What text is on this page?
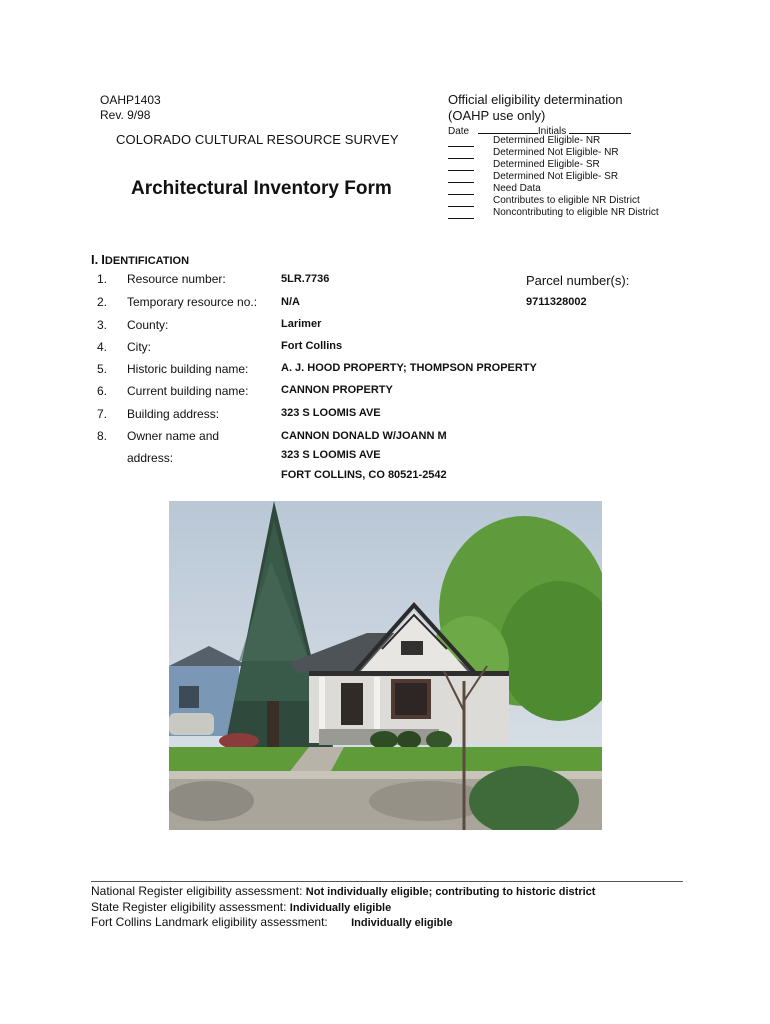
OAHP1403
Rev. 9/98
COLORADO CULTURAL RESOURCE SURVEY
Architectural Inventory Form
Official eligibility determination
(OAHP use only)
Date	Initials
Determined Eligible- NR
Determined Not Eligible- NR
Determined Eligible- SR
Determined Not Eligible- SR
Need Data
Contributes to eligible NR District
Noncontributing to eligible NR District
I. IDENTIFICATION
1. Resource number:	5LR.7736
2. Temporary resource no.: N/A
3. County:	Larimer
4. City:	Fort Collins
5. Historic building name:	A. J. HOOD PROPERTY; THOMPSON PROPERTY
6. Current building name:	CANNON PROPERTY
7. Building address:	323 S LOOMIS AVE
8. Owner name and	CANNON DONALD W/JOANN M
address:	323 S LOOMIS AVE
FORT COLLINS, CO 80521-2542
Parcel number(s):
9711328002
National Register eligibility assessment: Not individually eligible; contributing to historic district
State Register eligibility assessment: Individually eligible
Fort Collins Landmark eligibility assessment: Individually eligible
